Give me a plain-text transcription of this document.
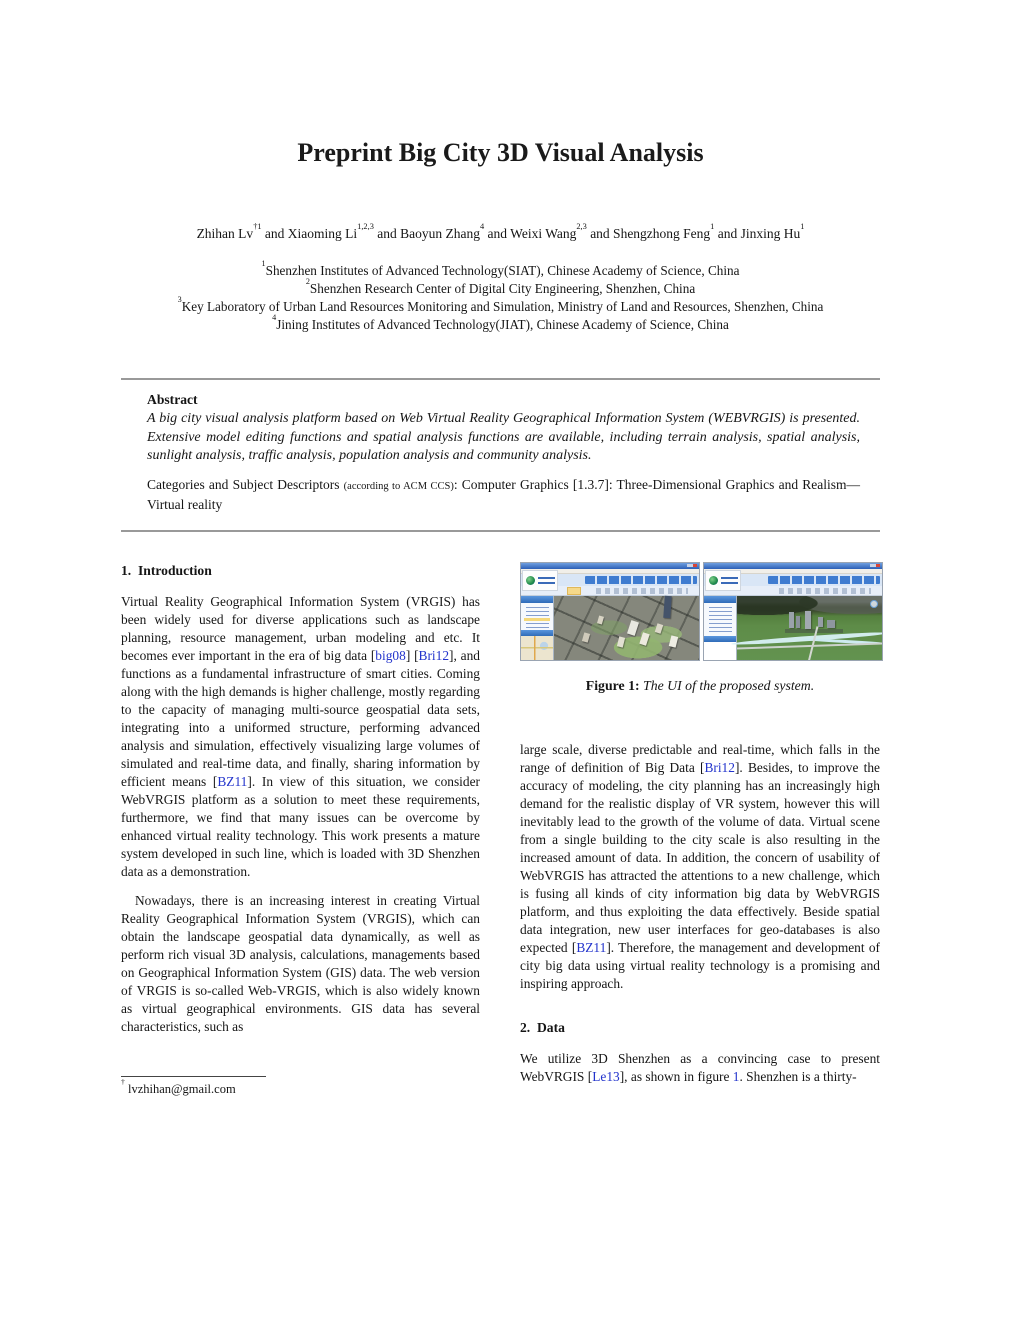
Preprint Big City 3D Visual Analysis
Zhihan Lv$^{\dagger 1}$ and Xiaoming Li$^{1,2,3}$ and Baoyun Zhang$^4$ and Weixi Wang$^{2,3}$ and Shengzhong Feng$^1$ and Jinxing Hu$^1$
$^1$Shenzhen Institutes of Advanced Technology(SIAT), Chinese Academy of Science, China
$^2$Shenzhen Research Center of Digital City Engineering, Shenzhen, China
$^3$Key Laboratory of Urban Land Resources Monitoring and Simulation, Ministry of Land and Resources, Shenzhen, China
$^4$Jining Institutes of Advanced Technology(JIAT), Chinese Academy of Science, China
Abstract

A big city visual analysis platform based on Web Virtual Reality Geographical Information System (WEBVRGIS) is presented. Extensive model editing functions and spatial analysis functions are available, including terrain analysis, spatial analysis, sunlight analysis, traffic analysis, population analysis and community analysis.

Categories and Subject Descriptors (according to ACM CCS): Computer Graphics [1.3.7]: Three-Dimensional Graphics and Realism—Virtual reality

1.  Introduction

Virtual Reality Geographical Information System (VRGIS) has been widely used for diverse applications such as landscape planning, resource management, urban modeling and etc. It becomes ever important in the era of big data [big08] [Bri12], and functions as a fundamental infrastructure of smart cities. Coming along with the high demands is higher challenge, mostly regarding to the capacity of managing multi-source geospatial data sets, integrating into a uniformed structure, performing advanced analysis and simulation, effectively visualizing large volumes of simulated and real-time data, and finally, sharing information by efficient means [BZ11]. In view of this situation, we consider WebVRGIS platform as a solution to meet these requirements, furthermore, we find that many issues can be overcome by enhanced virtual reality technology. This work presents a mature system developed in such line, which is loaded with 3D Shenzhen data as a demonstration.

Nowadays, there is an increasing interest in creating Virtual Reality Geographical Information System (VRGIS), which can obtain the landscape geospatial data dynamically, as well as perform rich visual 3D analysis, calculations, managements based on Geographical Information System (GIS) data. The web version of VRGIS is so-called Web-VRGIS, which is also widely known as virtual geographical environments. GIS data has several characteristics, such as

Figure 1: The UI of the proposed system.

large scale, diverse predictable and real-time, which falls in the range of definition of Big Data [Bri12]. Besides, to improve the accuracy of modeling, the city planning has an increasingly high demand for the realistic display of VR system, however this will inevitably lead to the growth of the volume of data. Virtual scene from a single building to the city scale is also resulting in the increased amount of data. In addition, the concern of usability of WebVRGIS has attracted the attentions to a new challenge, which is fusing all kinds of city information big data by WebVRGIS platform, and thus exploiting the data effectively. Beside spatial data integration, new user interfaces for geo-databases is also expected [BZ11]. Therefore, the management and development of city big data using virtual reality technology is a promising and inspiring approach.

2.  Data

We utilize 3D Shenzhen as a convincing case to present WebVRGIS [Le13], as shown in figure 1. Shenzhen is a thirty-

† lvzhihan@gmail.com
